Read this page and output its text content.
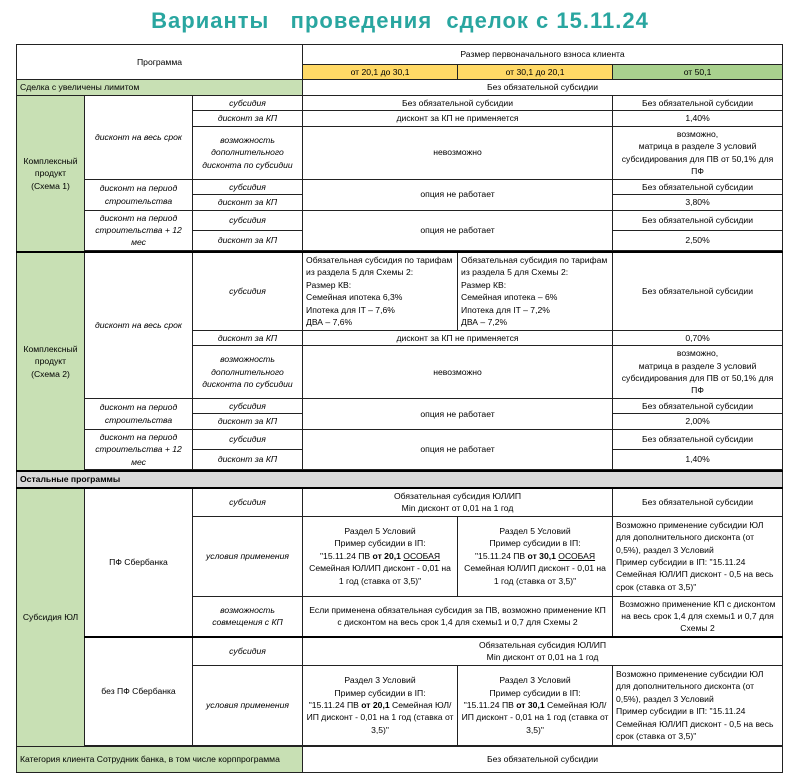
Варианты   проведения  сделок с 15.11.24
Программа			Размер первоначального взноса клиента		
			от 20,1 до 30,1	от 30,1 до 20,1	от 50,1
Сделка с увеличены лимитом			Без обязательной субсидии		
Комплексный продукт (Схема 1)	дисконт на весь срок	субсидия		Без обязательной субсидии		Без обязательной субсидии
		дисконт за КП		дисконт за КП не применяется		1,40%
		возможность дополнительного дисконта по субсидии		невозможно		возможно,
матрица в разделе 3 условий субсидирования для ПВ от 50,1% для ПФ
	дисконт на период строительства	субсидия		опция не работает		Без обязательной субсидии
		дисконт за КП			3,80%
	дисконт на период строительства + 12 мес	субсидия		опция не работает		Без обязательной субсидии
		дисконт за КП			2,50%

Комплексный продукт (Схема 2)	дисконт на весь срок	субсидия		Обязательная субсидия по тарифам из раздела 5 для Схемы 2:
Размер КВ:
Семейная ипотека 6,3%
Ипотека для IT – 7,6%
ДВА – 7,6%	Обязательная субсидия по тарифам из раздела 5 для Схемы 2:
Размер КВ:
Семейная ипотека – 6%
Ипотека для IT – 7,2%
ДВА – 7,2%	Без обязательной субсидии
		дисконт за КП		дисконт за КП не применяется		0,70%
		возможность дополнительного дисконта по субсидии		невозможно		возможно,
матрица в разделе 3 условий субсидирования для ПВ от 50,1% для ПФ
	дисконт на период строительства	субсидия		опция не работает		Без обязательной субсидии
		дисконт за КП			2,00%
	дисконт на период строительства + 12 мес	субсидия		опция не работает		Без обязательной субсидии
		дисконт за КП			1,40%

Остальные программы					
Субсидия ЮЛ	ПФ Сбербанка	субсидия		Обязательная субсидия ЮЛ/ИП
Min дисконт от 0,01 на 1 год		Без обязательной субсидии
		условия применения		Раздел 5 Условий
Пример субсидии в IП:
"15.11.24 ПВ от 20,1 ОСОБАЯ
Семейная ЮЛ/ИП дисконт - 0,01 на 1 год (ставка от 3,5)"	Раздел 5 Условий
Пример субсидии в IП:
"15.11.24 ПВ от 30,1 ОСОБАЯ
Семейная ЮЛ/ИП дисконт - 0,01 на 1 год (ставка от 3,5)"	Возможно применение субсидии ЮЛ для дополнительного дисконта (от 0,5%), раздел 3 Условий
Пример субсидии в IП: "15.11.24
Семейная ЮЛ/ИП дисконт - 0,5 на весь срок (ставка от 3,5)"
		возможность совмещения с КП		Если применена обязательная субсидия за ПВ, возможно применение КП с дисконтом на весь срок 1,4 для схемы1 и 0,7 для Схемы 2		Возможно применение КП с дисконтом на весь срок 1,4 для схемы1 и 0,7 для Схемы 2
	без ПФ Сбербанка	субсидия		Обязательная субсидия ЮЛ/ИП
Min дисконт от 0,01 на 1 год		
		условия применения		Раздел 3 Условий
Пример субсидии в IП:
"15.11.24 ПВ от 20,1 Семейная ЮЛ/ИП дисконт - 0,01 на 1 год (ставка от 3,5)"	Раздел 3 Условий
Пример субсидии в IП:
"15.11.24 ПВ от 30,1 Семейная ЮЛ/ИП дисконт - 0,01 на 1 год (ставка от 3,5)"	Возможно применение субсидии ЮЛ для дополнительного дисконта (от 0,5%), раздел 3 Условий
Пример субсидии в IП: "15.11.24
Семейная ЮЛ/ИП дисконт - 0,5 на весь срок (ставка от 3,5)"

Категория клиента Сотрудник банка, в том числе корппрограмма			Без обязательной субсидии		
